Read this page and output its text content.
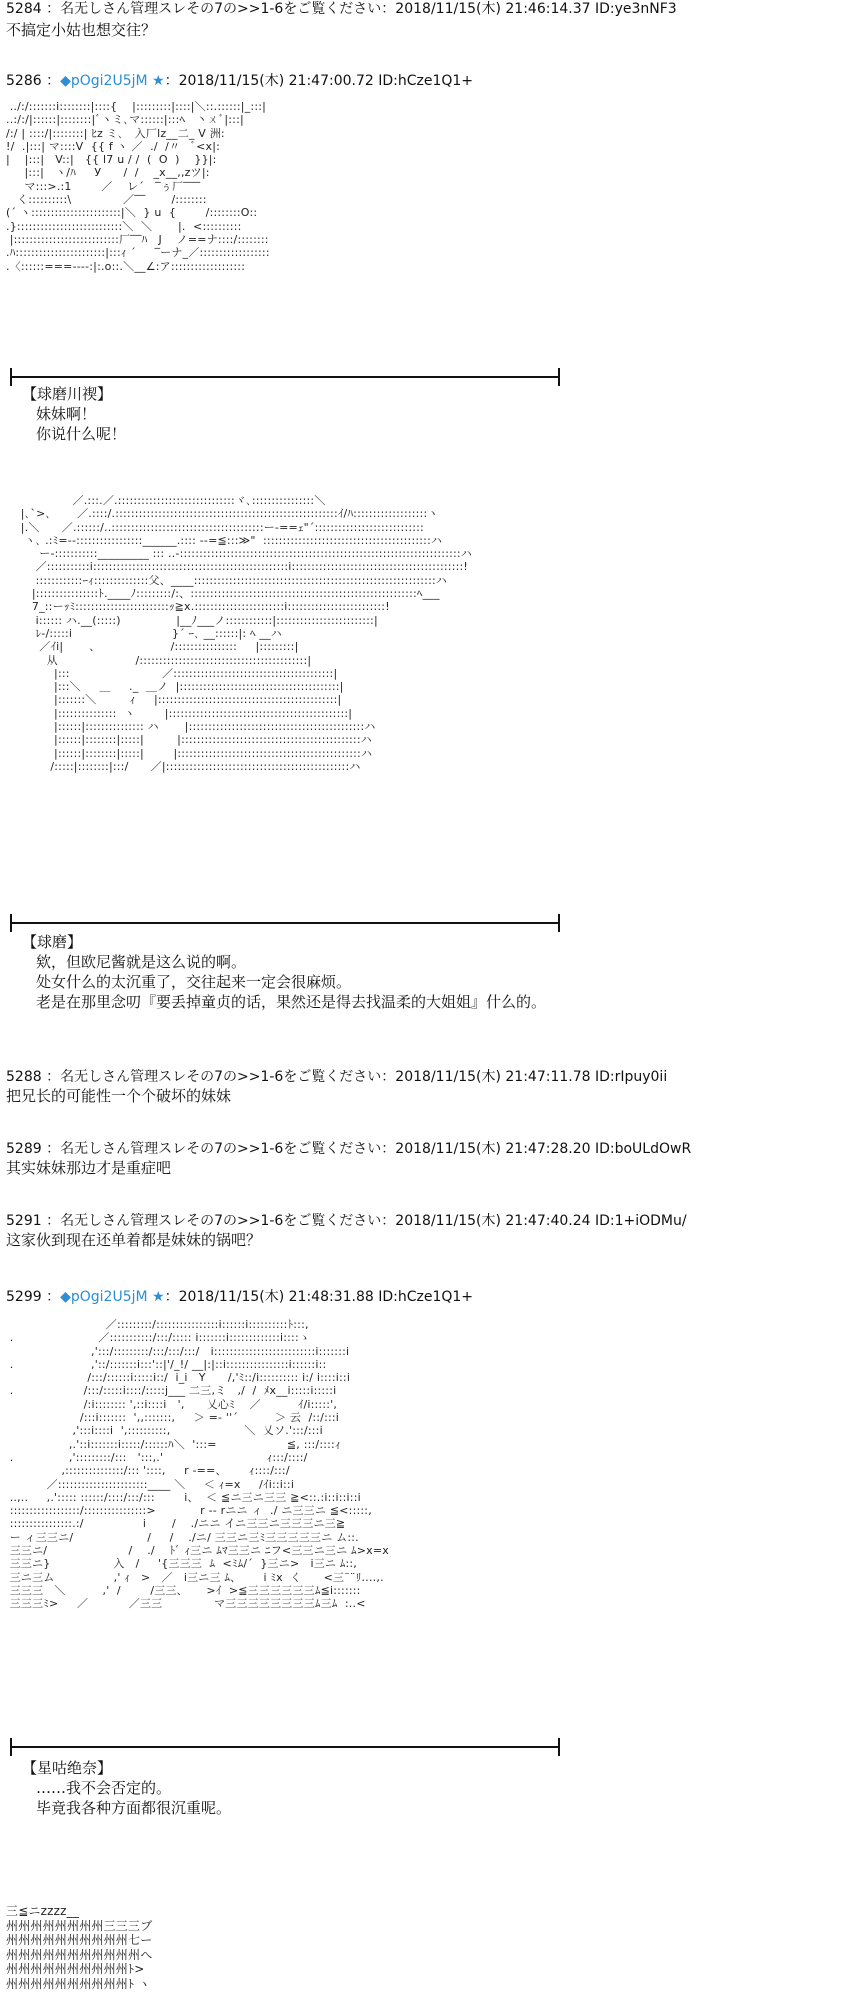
5284 ：名无しさん管理スレその7の>>1-6をご覧ください：2018/11/15(木) 21:46:14.37 ID:ye3nNF3
不搞定小姑也想交往？
5286 ：◆pOgi2U5jM ★：2018/11/15(木) 21:47:00.72 ID:hCze1Q1+
../:/:::::::i::::::::|::::{    |:::::::::|::::|＼::.::::::|_:::|
..:/:/|::::::|::::::::|ﾞヽミ､マ::::::|:::ﾍ   丶ㄨﾞ|:::|
/:/ | ::::/|::::::::| ﾋz ミ､   入厂lz__二_ V 洲:
!/  .|:::| マ::::V  {{ f ヽ ／  ./  /〃   ﾞ<x|:
|    |:::|   V::|   {{ l7 u / /  (  O  )    }}|:
|:::|   ヽ/ﾊ     У      /  /    _x__,,zツ|:
マ:::>.:1        ／    レ´   ‾ぅ厂‾‾‾
く::::::::::\              ／‾‾       /::::::::
(´ ヽ:::::::::::::::::::::::|＼  } u  {        /::::::::O::
.}:::::::::::::::::::::::::::＼  ＼       |.  <::::::::::
|:::::::::::::::::::::::::::厂‾‾ﾊ   J    ノ==ナ::::/::::::::
.ﾊ:::::::::::::::::::::::|:::ｨ ´     ‾ーナ_／::::::::::::::::::
.〈::::::===----:|:.o::.＼__∠:ア:::::::::::::::::::
【球磨川禊】
妹妹啊！
你说什么呢！
／.:::.／.::::::::::::::::::::::::::::::ヾ､::::::::::::::::＼
|､`>､       ／.::::/.:::::::::::::::::::::::::::::::::::::::::::::::::::::::::ｲ/ﾊ:::::::::::::::::::ヽ
|.＼      ／.::::::/..:::::::::::::::::::::::::::::::::::::::ー-==ｪ"´::::::::::::::::::::::::::::
ヽ､ .:ﾐ=--:::::::::::::::::______.:::: --=≦:::≫"  :::::::::::::::::::::::::::::::::::::::::::ハ
ー-:::::::::::_________ ::: ..-::::::::::::::::::::::::::::::::::::::::::::::::::::::::::::::::::::::::ハ
／:::::::::::i::::::::::::::::::::::::::::::::::::::::::::::::::i::::::::::::::::::::::::::::::::::::::::::::!
::::::::::::ｰｨ::::::::::::::父、____::::::::::::::::::::::::::::::::::::::::::::::::::::::::::::::ハ
|::::::::::::::::ﾄ.____ﾉ:::::::::/:、::::::::::::::::::::::::::::::::::::::::::::::::::::::::::ﾍ___
7_::ーｯﾐ::::::::::::::::::::::::ｯ≧x.:::::::::::::::::::::::i:::::::::::::::::::::::::!
i:::::: ハ.__(:::::)               |__ﾉ___ノ::::::::::::|:::::::::::::::::::::::::|
ﾚ‐/:::::i                           }´ ｰ､ __::::::|: ﾍ __ハ
／ｲi|       、                   /::::::::::::::::     |:::::::::|
从                     /:::::::::::::::::::::::::::::::::::::::::::|
|:::                         ／:::::::::::::::::::::::::::::::::::::::::|
|:::＼     ＿     ._  ＿ノ  |:::::::::::::::::::::::::::::::::::::::::|
|:::::::＼         ｨ     |::::::::::::::::::::::::::::::::::::::::::::::|
|:::::::::::::::  ヽ        |::::::::::::::::::::::::::::::::::::::::::::::|
|::::::|::::::::::::::: ハ       |:::::::::::::::::::::::::::::::::::::::::::::ハ
|::::::|::::::::|:::::|         |::::::::::::::::::::::::::::::::::::::::::::::ハ
|::::::|::::::::|:::::|        |:::::::::::::::::::::::::::::::::::::::::::::::ハ
/:::::|::::::::|:::/      ／|:::::::::::::::::::::::::::::::::::::::::::::::ハ
【球磨】
欸，但欧尼酱就是这么说的啊。
处女什么的太沉重了，交往起来一定会很麻烦。
老是在那里念叨『要丢掉童贞的话，果然还是得去找温柔的大姐姐』什么的。
5288 ：名无しさん管理スレその7の>>1-6をご覧ください：2018/11/15(木) 21:47:11.78 ID:rIpuy0ii
把兄长的可能性一个个破坏的妹妹
5289 ：名无しさん管理スレその7の>>1-6をご覧ください：2018/11/15(木) 21:47:28.20 ID:boULdOwR
其实妹妹那边才是重症吧
5291 ：名无しさん管理スレその7の>>1-6をご覧ください：2018/11/15(木) 21:47:40.24 ID:1+iODMu/
这家伙到现在还单着都是妹妹的锅吧？
5299 ：◆pOgi2U5jM ★：2018/11/15(木) 21:48:31.88 ID:hCze1Q1+
／:::::::::/::::::::::::::::i::::::i::::::::::ﾄ:::,
.                       ／:::::::::::/:::/::::: i:::::::i:::::::::::::i::::ゝ
,':::/:::::::::/:::/:::/:::/   i::::::::::::::::::::::::::i:::::::i
.                     ,'::/:::::::i:::'::|'/_!/ __|:|::i::::::::::::::::i::::::i::
/:::/::::::i:::::i::/  i_i   Y      /,'ﾐ::/i:::::::::: i:/ i::::i::i
.                   /:::/:::::i::::/:::::j___ 二三,ミ   ,/  /  ﾒx__i:::::i:::::i
/:i:::::::: ',::i::::i   ',      乂心ﾐ    ／          ｲ/i:::::',
/:::i:::::::  ',,:::::::,     ＞ =‐ ''´          ＞ 云  /::/:::i
,':::i::::i  ',::::::::::,                    ＼  乂ソ.':::/:::i
,.'::i:::::::i:::::/::::::ﾊ＼  ':::=                   ≦, :::/::::ｨ
.               ,':::::::::/:::   ':::,.'                            ｨ:::/::::/
,:::::::::::::::/::: '::::,     r -==、      ｨ::::/:::/
／:::::::::::::::::::::::____ ＼     ＜ ｨ=x     /ｲi::i::i
..,..     ,.'::::: ::::::/::::/:::/:::        i、  ＜ ≦ニ三ニ三三 ≧<::.:i::i::i::i
::::::::::::::::::/::::::::::::::::>            r -- rニニ ィ  ./ ニ三三ニ ≦<:::::,
::::::::::::::::.:/                i       /    ./ニニ イニ三三ニ三三三ニ三≧
ー ィ三三ニ/                    /     /    ./ニ/ 三三ニ三ﾐ三三三三三ニ ム::.
三三ニ/                      /    ./    ﾄﾞ ｨ三ニ ﾑﾏ三三ニ ﾆフ<三三ニ三ニ ﾑ>x=x
三三ニ}                 入   /     '{三三三  ﾑ  <ﾐﾑ/´  }三ニ>   i三ニ ﾑ::,
三ニ三ム                ,' ｨ   >   ／   i三ニ三 ﾑ、      i ﾐx  く      <三¨¨ﾘ‥‥,.
三三三   ＼          ,'  /        /三三、     >ｲ  >≦三三三三三三ﾑ≦i:::::::
三三三ﾐ>     ／           ／三三              マ三三三三三三三三ﾑ三ﾑ  :..<
【星咕绝奈】
……我不会否定的。
毕竟我各种方面都很沉重呢。
三≦ニzzzz__
州州州州州州州州三三三ブ
州州州州州州州州州州七ー
州州州州州州州州州州州へ
州州州州州州州州州州ﾄ>
州州州州州州州州州州ﾄ ヽ
